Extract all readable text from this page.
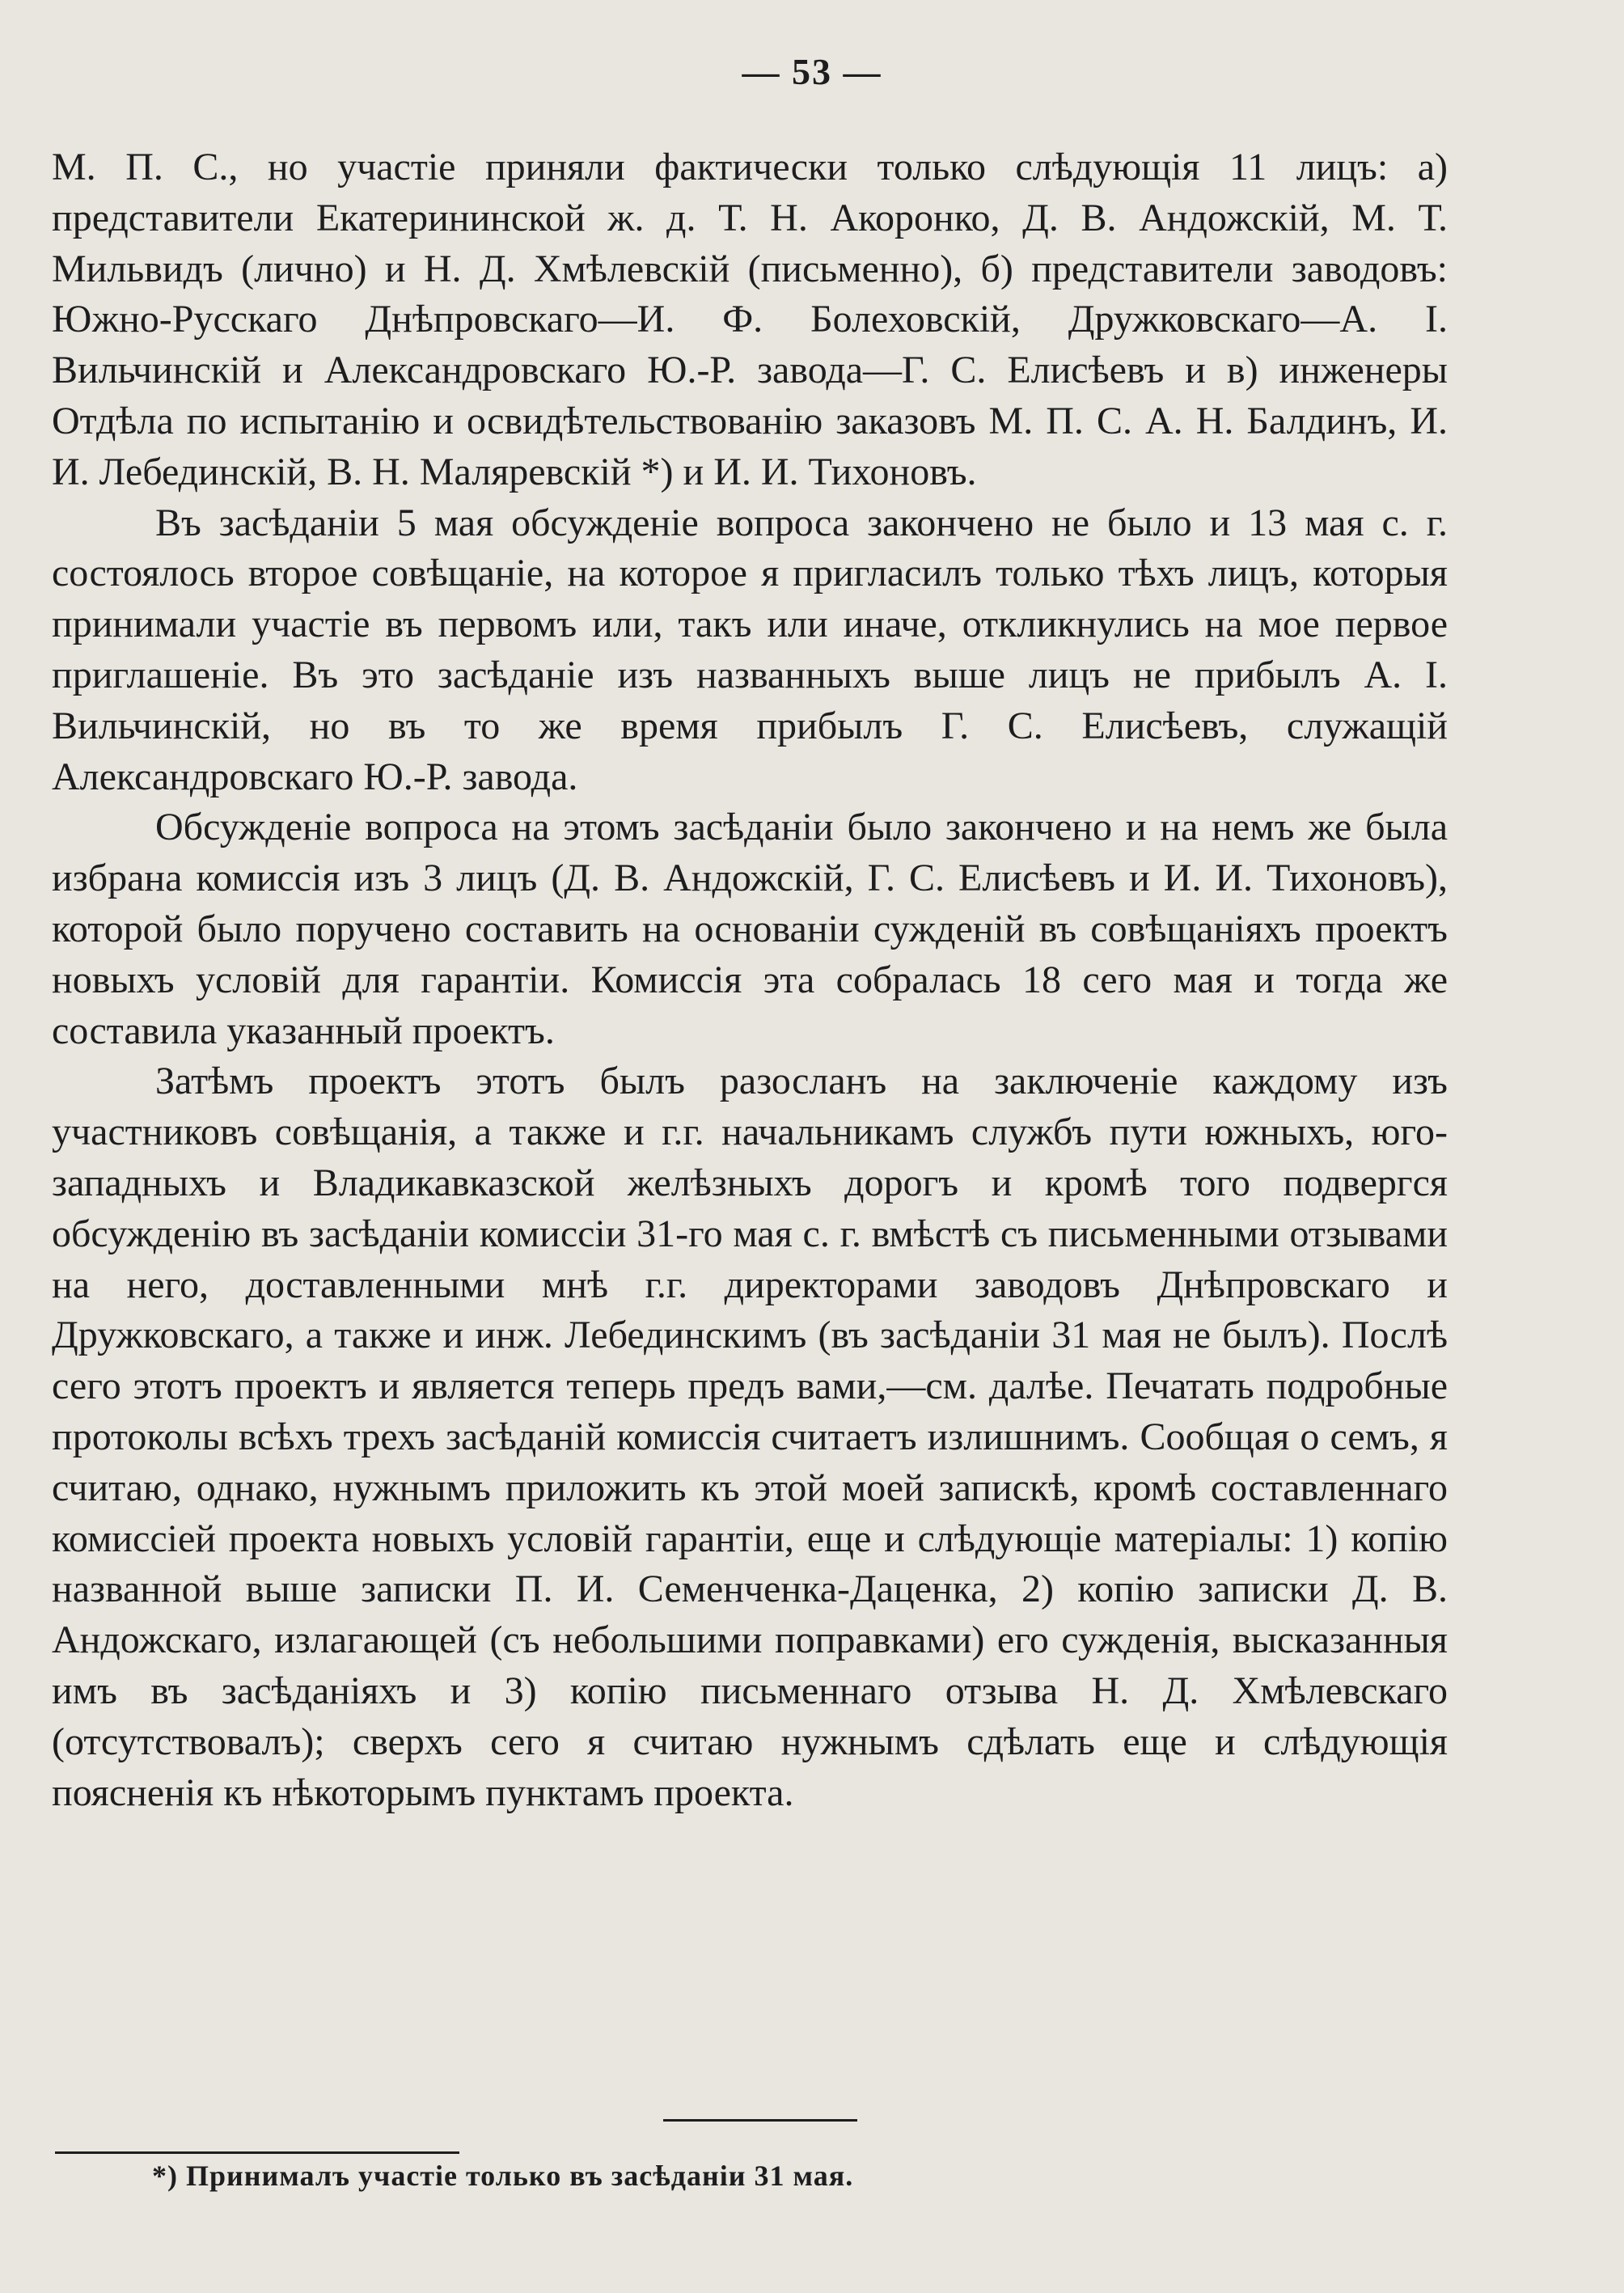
— 53 —

М. П. С., но участіе приняли фактически только слѣдующія 11 лицъ: а) представители Екатерининской ж. д. Т. Н. Акоронко, Д. В. Андожскій, М. Т. Мильвидъ (лично) и Н. Д. Хмѣлевскій (письменно), б) представители заводовъ: Южно-Русскаго Днѣпровскаго—И. Ф. Болеховскій, Дружковскаго—А. І. Вильчинскій и Александровскаго Ю.-Р. завода—Г. С. Елисѣевъ и в) инженеры Отдѣла по испытанію и освидѣтельствованію заказовъ М. П. С. А. Н. Балдинъ, И. И. Лебединскій, В. Н. Маляревскій *) и И. И. Тихоновъ.

Въ засѣданіи 5 мая обсужденіе вопроса закончено не было и 13 мая с. г. состоялось второе совѣщаніе, на которое я пригласилъ только тѣхъ лицъ, которыя принимали участіе въ первомъ или, такъ или иначе, откликнулись на мое первое приглашеніе. Въ это засѣданіе изъ названныхъ выше лицъ не прибылъ А. І. Вильчинскій, но въ то же время прибылъ Г. С. Елисѣевъ, служащій Александровскаго Ю.-Р. завода.

Обсужденіе вопроса на этомъ засѣданіи было закончено и на немъ же была избрана комиссія изъ 3 лицъ (Д. В. Андожскій, Г. С. Елисѣевъ и И. И. Тихоновъ), которой было поручено составить на основаніи сужденій въ совѣщаніяхъ проектъ новыхъ условій для гарантіи. Комиссія эта собралась 18 сего мая и тогда же составила указанный проектъ.

Затѣмъ проектъ этотъ былъ разосланъ на заключеніе каждому изъ участниковъ совѣщанія, а также и г.г. начальникамъ службъ пути южныхъ, юго-западныхъ и Владикавказской желѣзныхъ дорогъ и кромѣ того подвергся обсужденію въ засѣданіи комиссіи 31-го мая с. г. вмѣстѣ съ письменными отзывами на него, доставленными мнѣ г.г. директорами заводовъ Днѣпровскаго и Дружковскаго, а также и инж. Лебединскимъ (въ засѣданіи 31 мая не былъ). Послѣ сего этотъ проектъ и является теперь предъ вами,—см. далѣе. Печатать подробные протоколы всѣхъ трехъ засѣданій комиссія считаетъ излишнимъ. Сообщая о семъ, я считаю, однако, нужнымъ приложить къ этой моей запискѣ, кромѣ составленнаго комиссіей проекта новыхъ условій гарантіи, еще и слѣдующіе матеріалы: 1) копію названной выше записки П. И. Семенченка-Даценка, 2) копію записки Д. В. Андожскаго, излагающей (съ небольшими поправками) его сужденія, высказанныя имъ въ засѣданіяхъ и 3) копію письменнаго отзыва Н. Д. Хмѣлевскаго (отсутствовалъ); сверхъ сего я считаю нужнымъ сдѣлать еще и слѣдующія поясненія къ нѣкоторымъ пунктамъ проекта.

*) Принималъ участіе только въ засѣданіи 31 мая.
